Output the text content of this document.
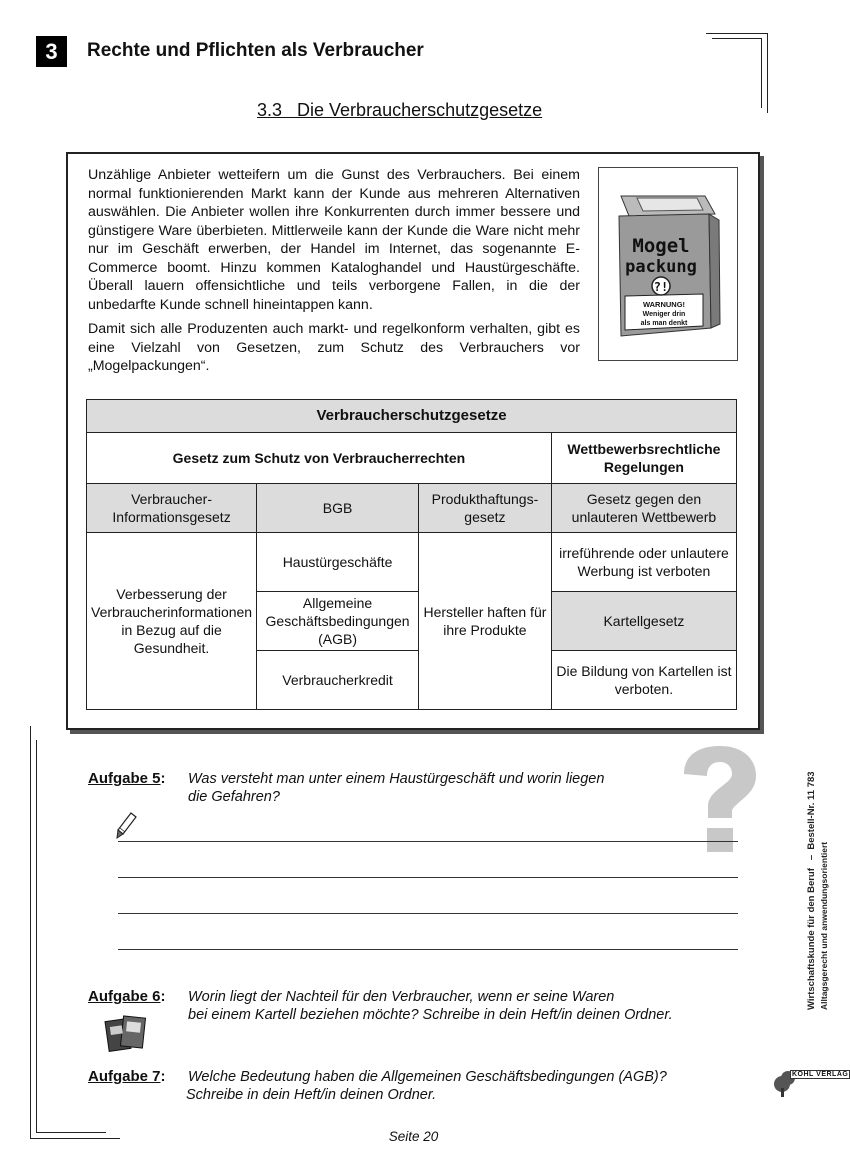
3	Rechte und Pflichten als Verbraucher
3.3   Die Verbraucherschutzgesetze

Unzählige Anbieter wetteifern um die Gunst des Verbrauchers. Bei einem normal funktionierenden Markt kann der Kunde aus mehreren Alternativen auswählen. Die Anbieter wollen ihre Konkurrenten durch immer bessere und günstigere Ware überbieten. Mittlerweile kann der Kunde die Ware nicht mehr nur im Geschäft erwerben, der Handel im Internet, das sogenannte E-Commerce boomt. Hinzu kommen Kataloghandel und Haustürgeschäfte. Überall lauern offensichtliche und teils verborgene Fallen, in die der unbedarfte Kunde schnell hineintappen kann.

Damit sich alle Produzenten auch markt- und regelkonform verhalten, gibt es eine Vielzahl von Gesetzen, zum Schutz des Verbrauchers vor „Mogelpackungen“.

?!
Mogel
packung
WARNUNG!
Weniger drin
als man denkt
Verbraucherschutzgesetze			
Gesetz zum Schutz von Verbraucherrechten			Wettbewerbsrechtliche Regelungen
Verbraucher-Informationsgesetz	BGB	Produkthaftungs-gesetz	Gesetz gegen den unlauteren Wettbewerb
Verbesserung der Verbraucherinformationen in Bezug auf die Gesundheit.	Haustürgeschäfte	Hersteller haften für ihre Produkte	irreführende oder unlautere Werbung ist verboten
	Allgemeine Geschäftsbedingungen (AGB)		Kartellgesetz
	Verbraucherkredit		Die Bildung von Kartellen ist verboten.
Aufgabe 5: Was versteht man unter einem Haustürgeschäft und worin liegen
die Gefahren?
Aufgabe 6: Worin liegt der Nachteil für den Verbraucher, wenn er seine Waren
bei einem Kartell beziehen möchte? Schreibe in dein Heft/in deinen Ordner.
Aufgabe 7: Welche Bedeutung haben die Allgemeinen Geschäftsbedingungen (AGB)?
Schreibe in dein Heft/in deinen Ordner.
Wirtschaftskunde für den Beruf   –  Bestell-Nr. 11 783 Alltagsgerecht und anwendungsorientiert
KOHL VERLAG
Seite 20
